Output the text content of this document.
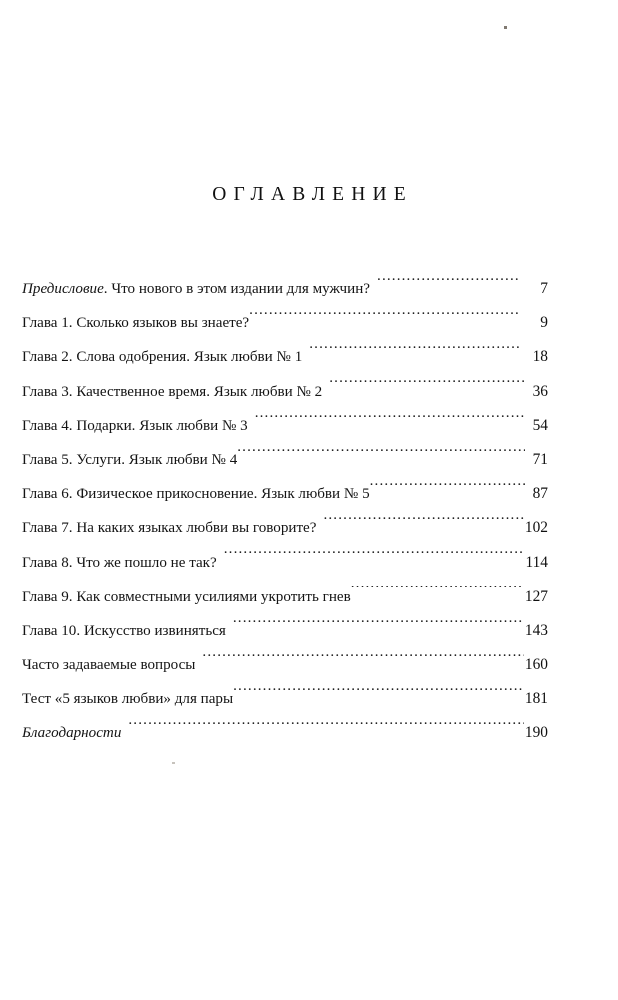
ОГЛАВЛЕНИЕ
Предисловие. Что нового в этом издании для мужчин? .....	7
Глава 1. Сколько языков вы знаете? .....	9
Глава 2. Слова одобрения. Язык любви № 1 .....	18
Глава 3. Качественное время. Язык любви № 2 .....	36
Глава 4. Подарки. Язык любви № 3 .....	54
Глава 5. Услуги. Язык любви № 4 .....	71
Глава 6. Физическое прикосновение. Язык любви № 5 .....	87
Глава 7. На каких языках любви вы говорите? .....	102
Глава 8. Что же пошло не так? .....	114
Глава 9. Как совместными усилиями укротить гнев .....	127
Глава 10. Искусство извиняться .....	143
Часто задаваемые вопросы .....	160
Тест «5 языков любви» для пары .....	181
Благодарности .....	190
